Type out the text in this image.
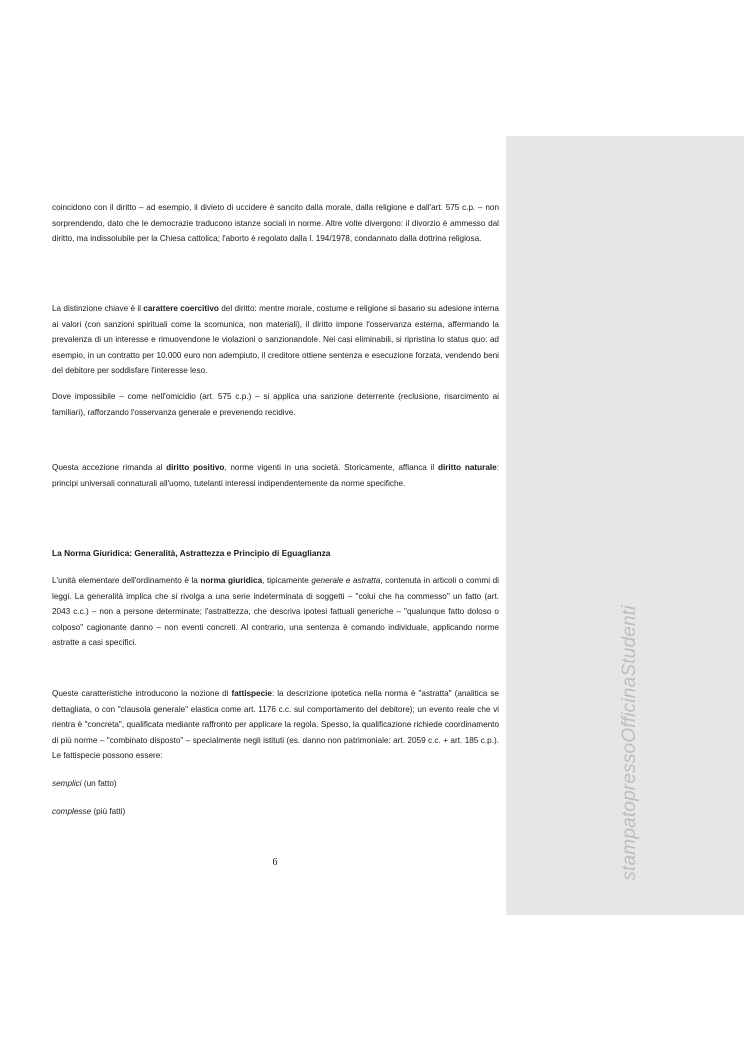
stampatopressoOfficinaStudenti

coincidono con il diritto – ad esempio, il divieto di uccidere è sancito dalla morale, dalla religione e dall'art. 575 c.p. – non sorprendendo, dato che le democrazie traducono istanze sociali in norme. Altre volte divergono: il divorzio è ammesso dal diritto, ma indissolubile per la Chiesa cattolica; l'aborto è regolato dalla l. 194/1978, condannato dalla dottrina religiosa.

La distinzione chiave è il carattere coercitivo del diritto: mentre morale, costume e religione si basano su adesione interna ai valori (con sanzioni spirituali come la scomunica, non materiali), il diritto impone l'osservanza esterna, affermando la prevalenza di un interesse e rimuovendone le violazioni o sanzionandole. Nei casi eliminabili, si ripristina lo status quo: ad esempio, in un contratto per 10.000 euro non adempiuto, il creditore ottiene sentenza e esecuzione forzata, vendendo beni del debitore per soddisfare l'interesse leso.

Dove impossibile – come nell'omicidio (art. 575 c.p.) – si applica una sanzione deterrente (reclusione, risarcimento ai familiari), rafforzando l'osservanza generale e prevenendo recidive.

Questa accezione rimanda al diritto positivo, norme vigenti in una società. Storicamente, affianca il diritto naturale: principi universali connaturali all'uomo, tutelanti interessi indipendentemente da norme specifiche.

La Norma Giuridica: Generalità, Astrattezza e Principio di Eguaglianza

L'unità elementare dell'ordinamento è la norma giuridica, tipicamente generale e astratta, contenuta in articoli o commi di leggi. La generalità implica che si rivolga a una serie indeterminata di soggetti – "colui che ha commesso" un fatto (art. 2043 c.c.) – non a persone determinate; l'astrattezza, che descriva ipotesi fattuali generiche – "qualunque fatto doloso o colposo" cagionante danno – non eventi concreti. Al contrario, una sentenza è comando individuale, applicando norme astratte a casi specifici.

Queste caratteristiche introducono la nozione di fattispecie: la descrizione ipotetica nella norma è "astratta" (analitica se dettagliata, o con "clausola generale" elastica come art. 1176 c.c. sul comportamento del debitore); un evento reale che vi rientra è "concreta", qualificata mediante raffronto per applicare la regola. Spesso, la qualificazione richiede coordinamento di più norme – "combinato disposto" – specialmente negli istituti (es. danno non patrimoniale: art. 2059 c.c. + art. 185 c.p.). Le fattispecie possono essere:

semplici (un fatto)

complesse (più fatti)

6
